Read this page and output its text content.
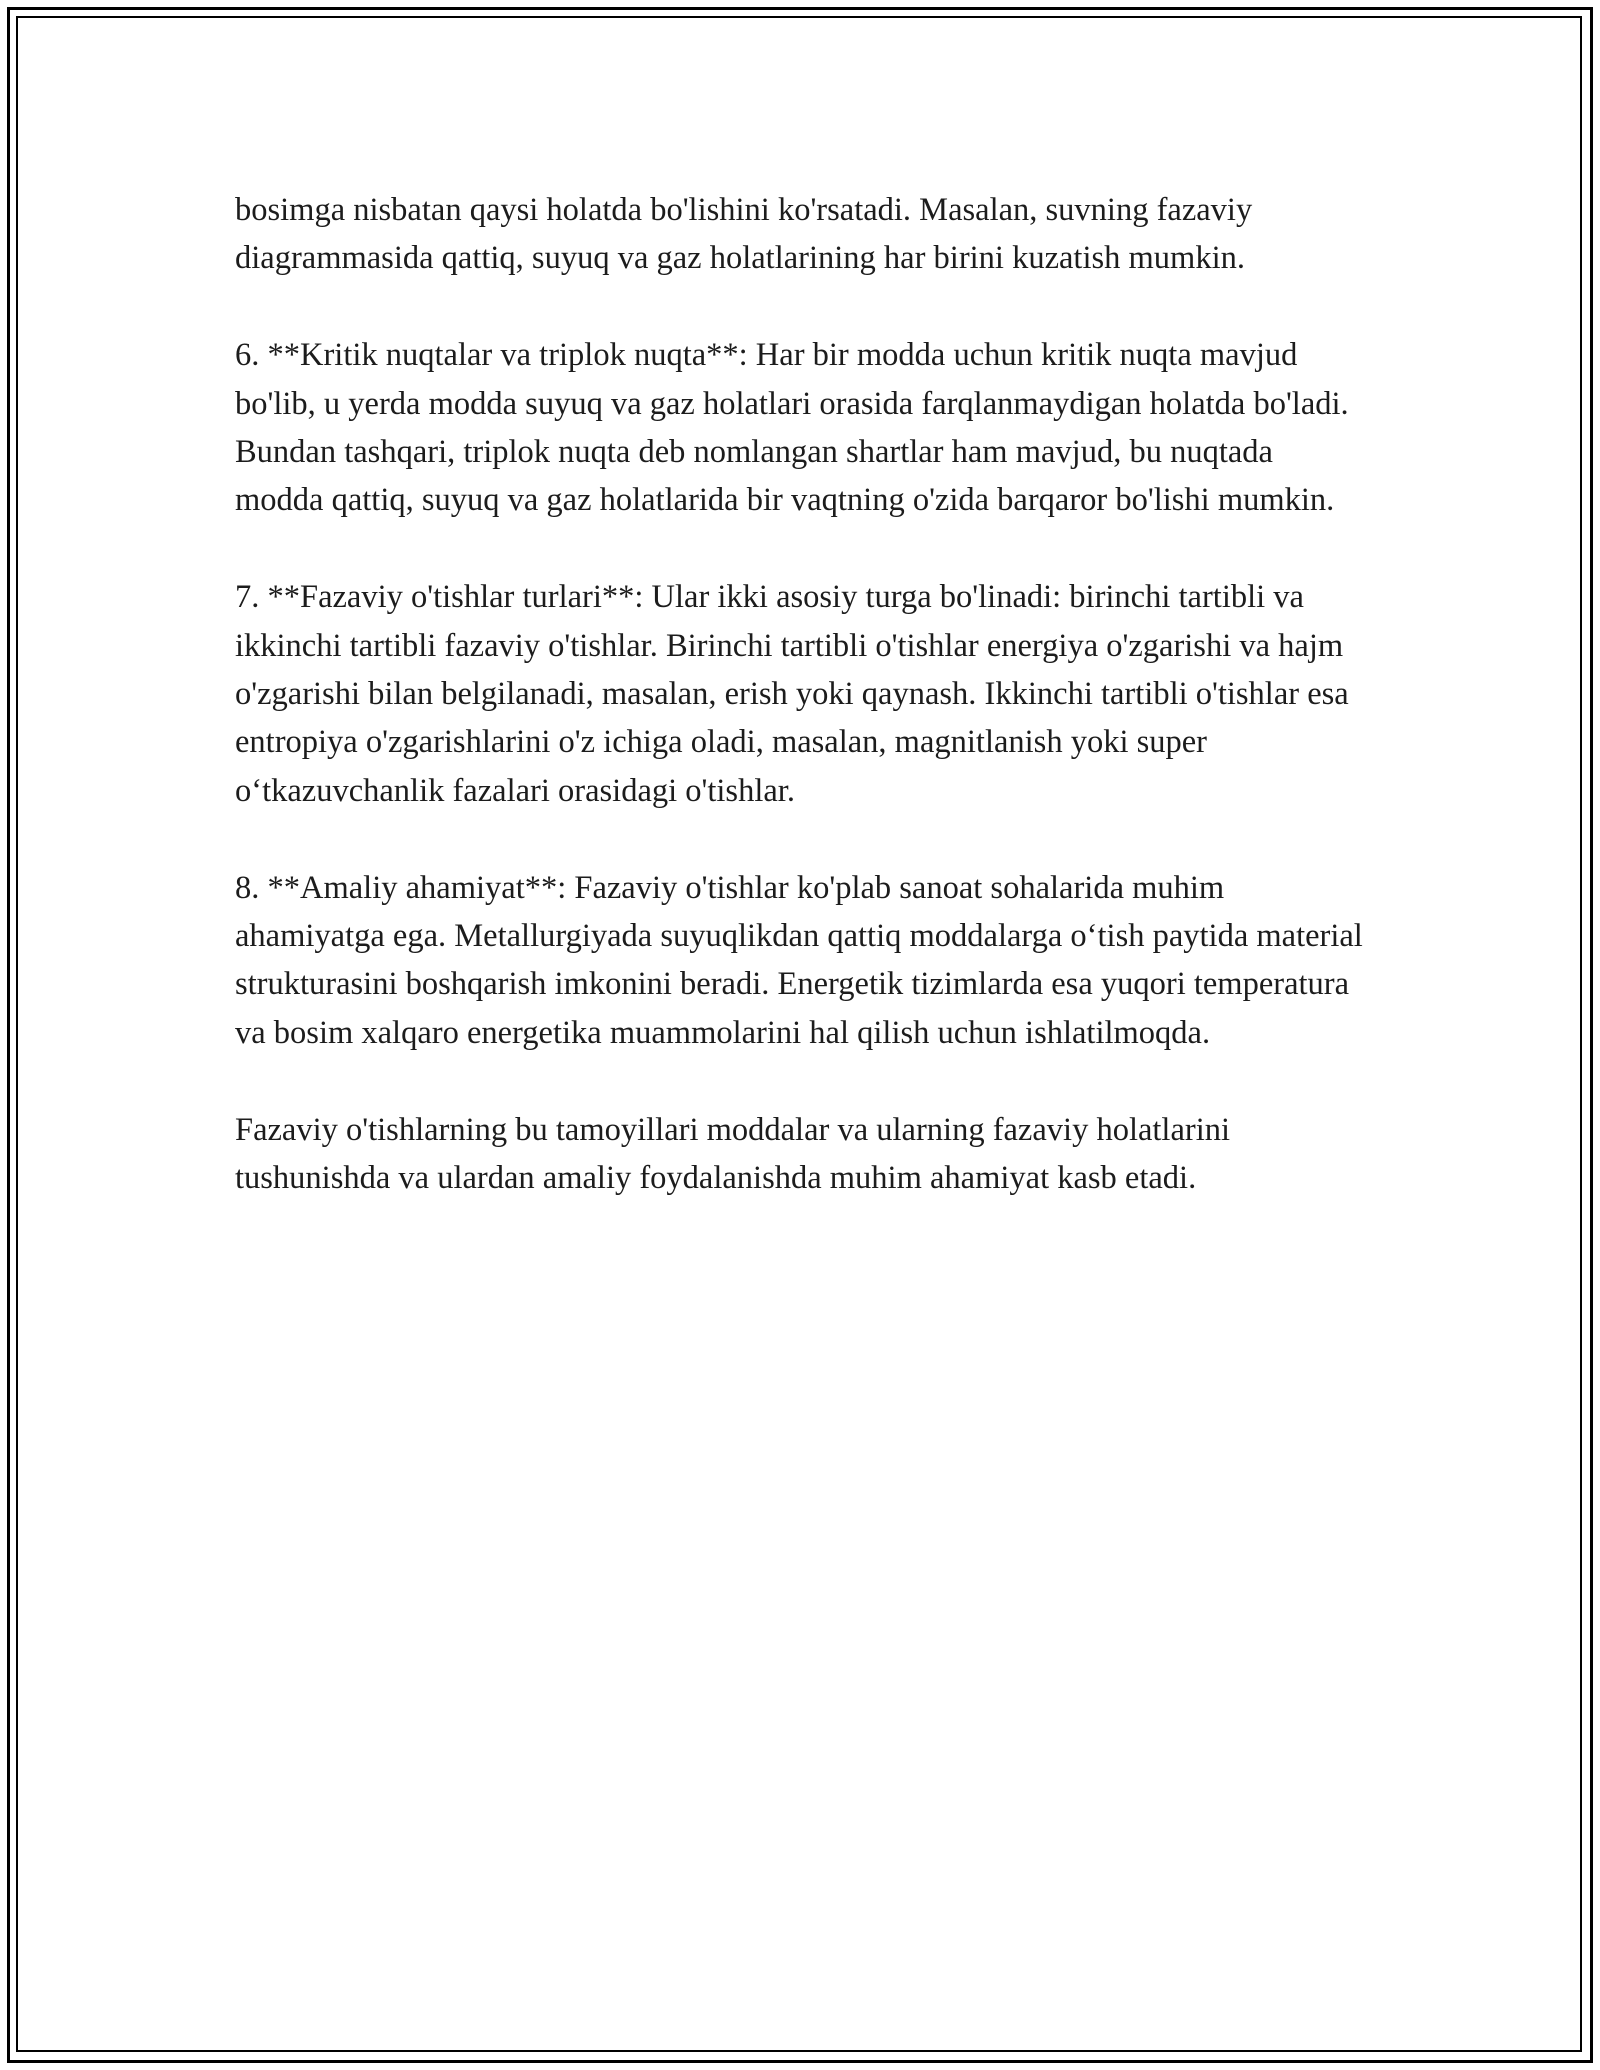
bosimga nisbatan qaysi holatda bo'lishini ko'rsatadi. Masalan, suvning fazaviy diagrammasida qattiq, suyuq va gaz holatlarining har birini kuzatish mumkin.

6. **Kritik nuqtalar va triplok nuqta**: Har bir modda uchun kritik nuqta mavjud bo'lib, u yerda modda suyuq va gaz holatlari orasida farqlanmaydigan holatda bo'ladi. Bundan tashqari, triplok nuqta deb nomlangan shartlar ham mavjud, bu nuqtada modda qattiq, suyuq va gaz holatlarida bir vaqtning o'zida barqaror bo'lishi mumkin.

7. **Fazaviy o'tishlar turlari**: Ular ikki asosiy turga bo'linadi: birinchi tartibli va ikkinchi tartibli fazaviy o'tishlar. Birinchi tartibli o'tishlar energiya o'zgarishi va hajm o'zgarishi bilan belgilanadi, masalan, erish yoki qaynash. Ikkinchi tartibli o'tishlar esa entropiya o'zgarishlarini o'z ichiga oladi, masalan, magnitlanish yoki super o‘tkazuvchanlik fazalari orasidagi o'tishlar.

8. **Amaliy ahamiyat**: Fazaviy o'tishlar ko'plab sanoat sohalarida muhim ahamiyatga ega. Metallurgiyada suyuqlikdan qattiq moddalarga o‘tish paytida material strukturasini boshqarish imkonini beradi. Energetik tizimlarda esa yuqori temperatura va bosim xalqaro energetika muammolarini hal qilish uchun ishlatilmoqda.

Fazaviy o'tishlarning bu tamoyillari moddalar va ularning fazaviy holatlarini tushunishda va ulardan amaliy foydalanishda muhim ahamiyat kasb etadi.
